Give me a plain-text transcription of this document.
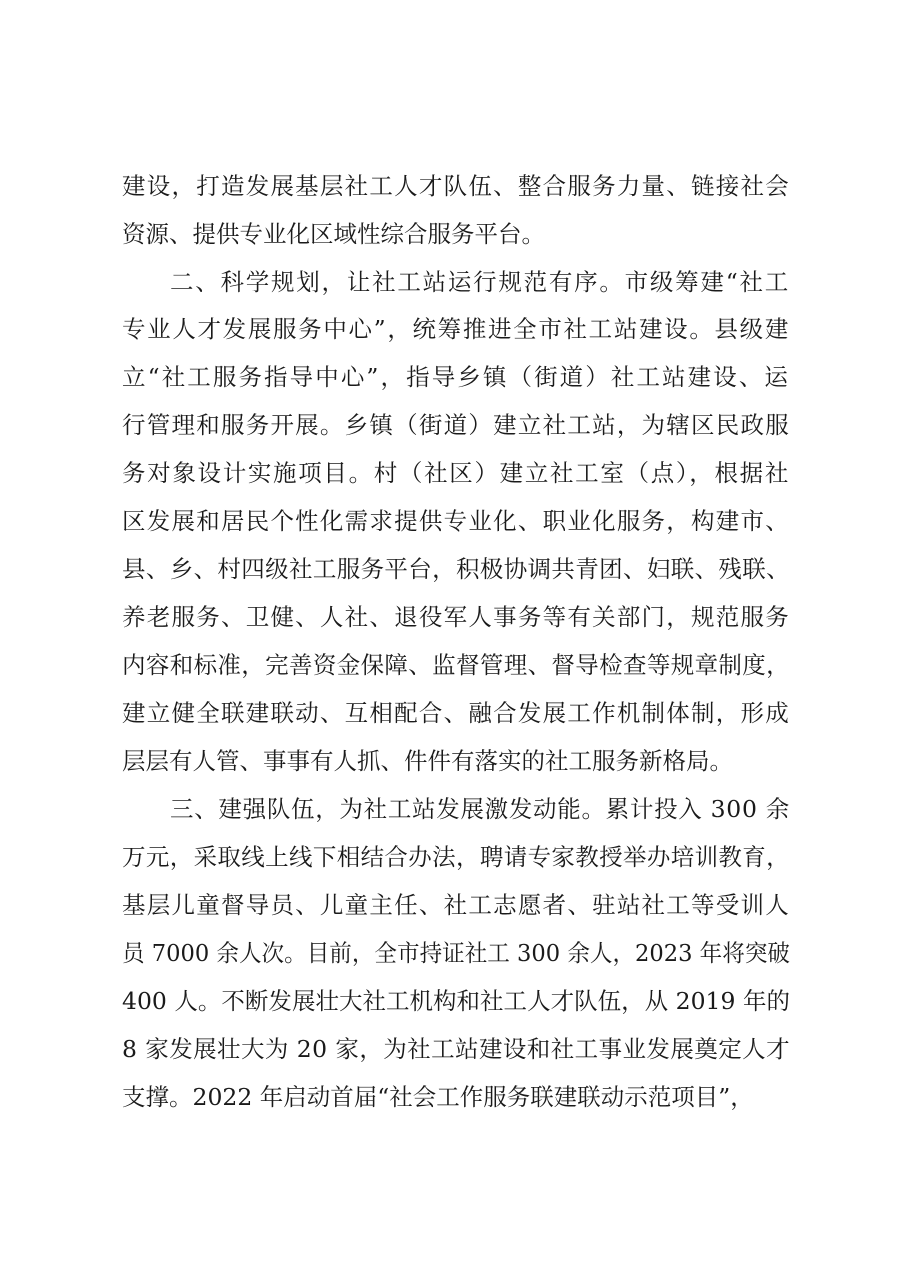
建设，打造发展基层社工人才队伍、整合服务力量、链接社会
资源、提供专业化区域性综合服务平台。
二、科学规划，让社工站运行规范有序。市级筹建“社工
专业人才发展服务中心”，统筹推进全市社工站建设。县级建
立“社工服务指导中心”，指导乡镇（街道）社工站建设、运
行管理和服务开展。乡镇（街道）建立社工站，为辖区民政服
务对象设计实施项目。村（社区）建立社工室（点），根据社
区发展和居民个性化需求提供专业化、职业化服务，构建市、
县、乡、村四级社工服务平台，积极协调共青团、妇联、残联、
养老服务、卫健、人社、退役军人事务等有关部门，规范服务
内容和标准，完善资金保障、监督管理、督导检查等规章制度，
建立健全联建联动、互相配合、融合发展工作机制体制，形成
层层有人管、事事有人抓、件件有落实的社工服务新格局。
三、建强队伍，为社工站发展激发动能。累计投入 300 余
万元，采取线上线下相结合办法，聘请专家教授举办培训教育，
基层儿童督导员、儿童主任、社工志愿者、驻站社工等受训人
员 7000 余人次。目前，全市持证社工 300 余人，2023 年将突破
400 人。不断发展壮大社工机构和社工人才队伍，从 2019 年的
8 家发展壮大为 20 家，为社工站建设和社工事业发展奠定人才
支撑。2022 年启动首届“社会工作服务联建联动示范项目”，
